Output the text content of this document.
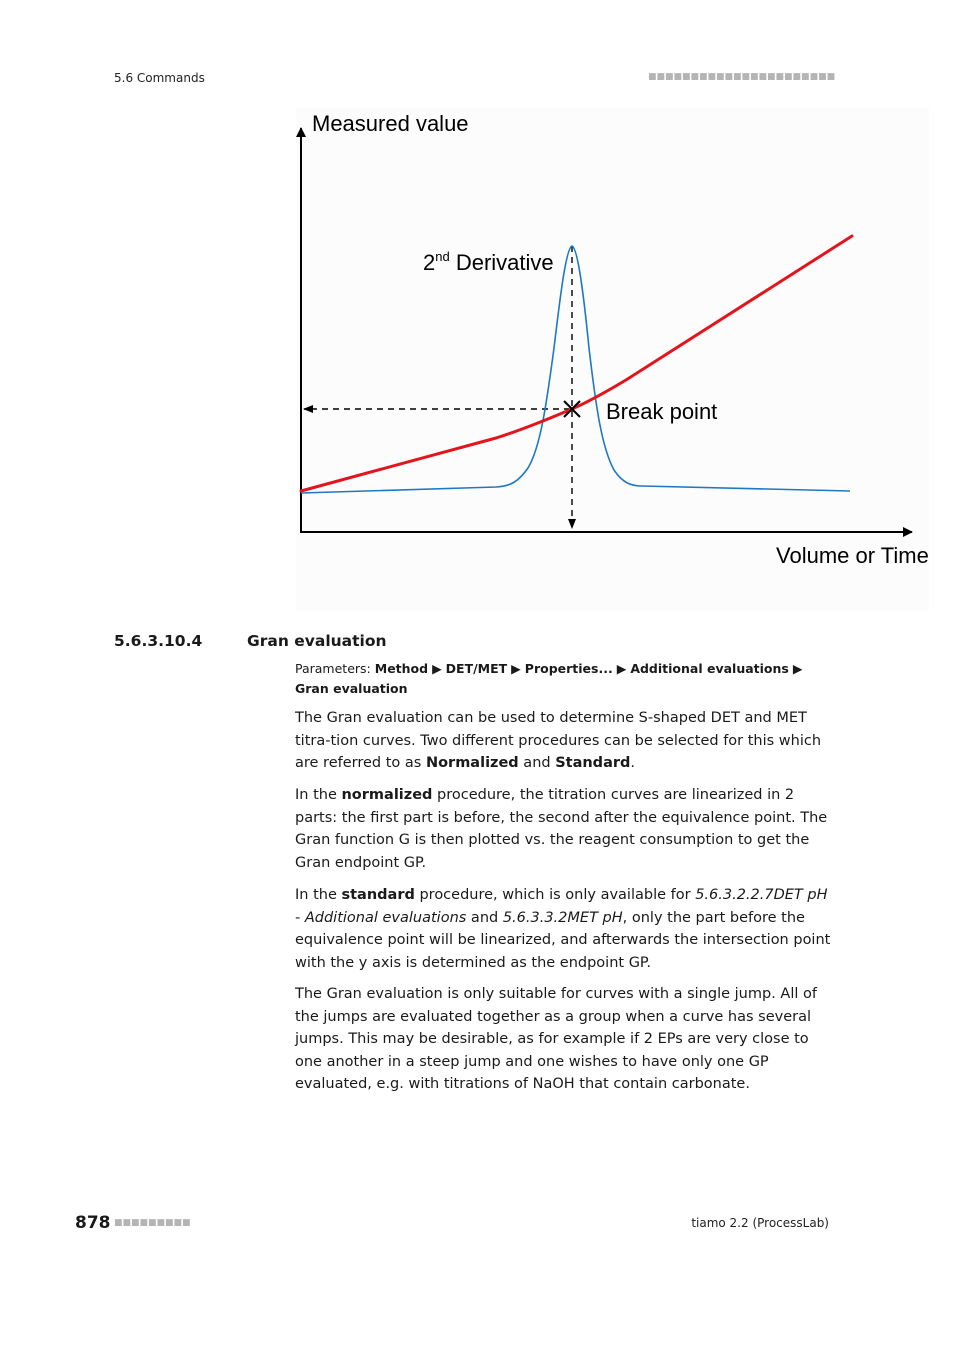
5.6 Commands	■■■■■■■■■■■■■■■■■■■■■■
Measured value
Volume or Time
2nd Derivative
Break point
5.6.3.10.4	Gran evaluation
Parameters: Method ▶ DET/MET ▶ Properties... ▶ Additional evaluations ▶ Gran evaluation

The Gran evaluation can be used to determine S-shaped DET and MET titra-tion curves. Two different procedures can be selected for this which are referred to as Normalized and Standard.

In the normalized procedure, the titration curves are linearized in 2 parts: the first part is before, the second after the equivalence point. The Gran function G is then plotted vs. the reagent consumption to get the Gran endpoint GP.

In the standard procedure, which is only available for 5.6.3.2.2.7DET pH - Additional evaluations and 5.6.3.3.2MET pH, only the part before the equivalence point will be linearized, and afterwards the intersection point with the y axis is determined as the endpoint GP.

The Gran evaluation is only suitable for curves with a single jump. All of the jumps are evaluated together as a group when a curve has several jumps. This may be desirable, as for example if 2 EPs are very close to one another in a steep jump and one wishes to have only one GP evaluated, e.g. with titrations of NaOH that contain carbonate.

878 ■■■■■■■■■	tiamo 2.2 (ProcessLab)
